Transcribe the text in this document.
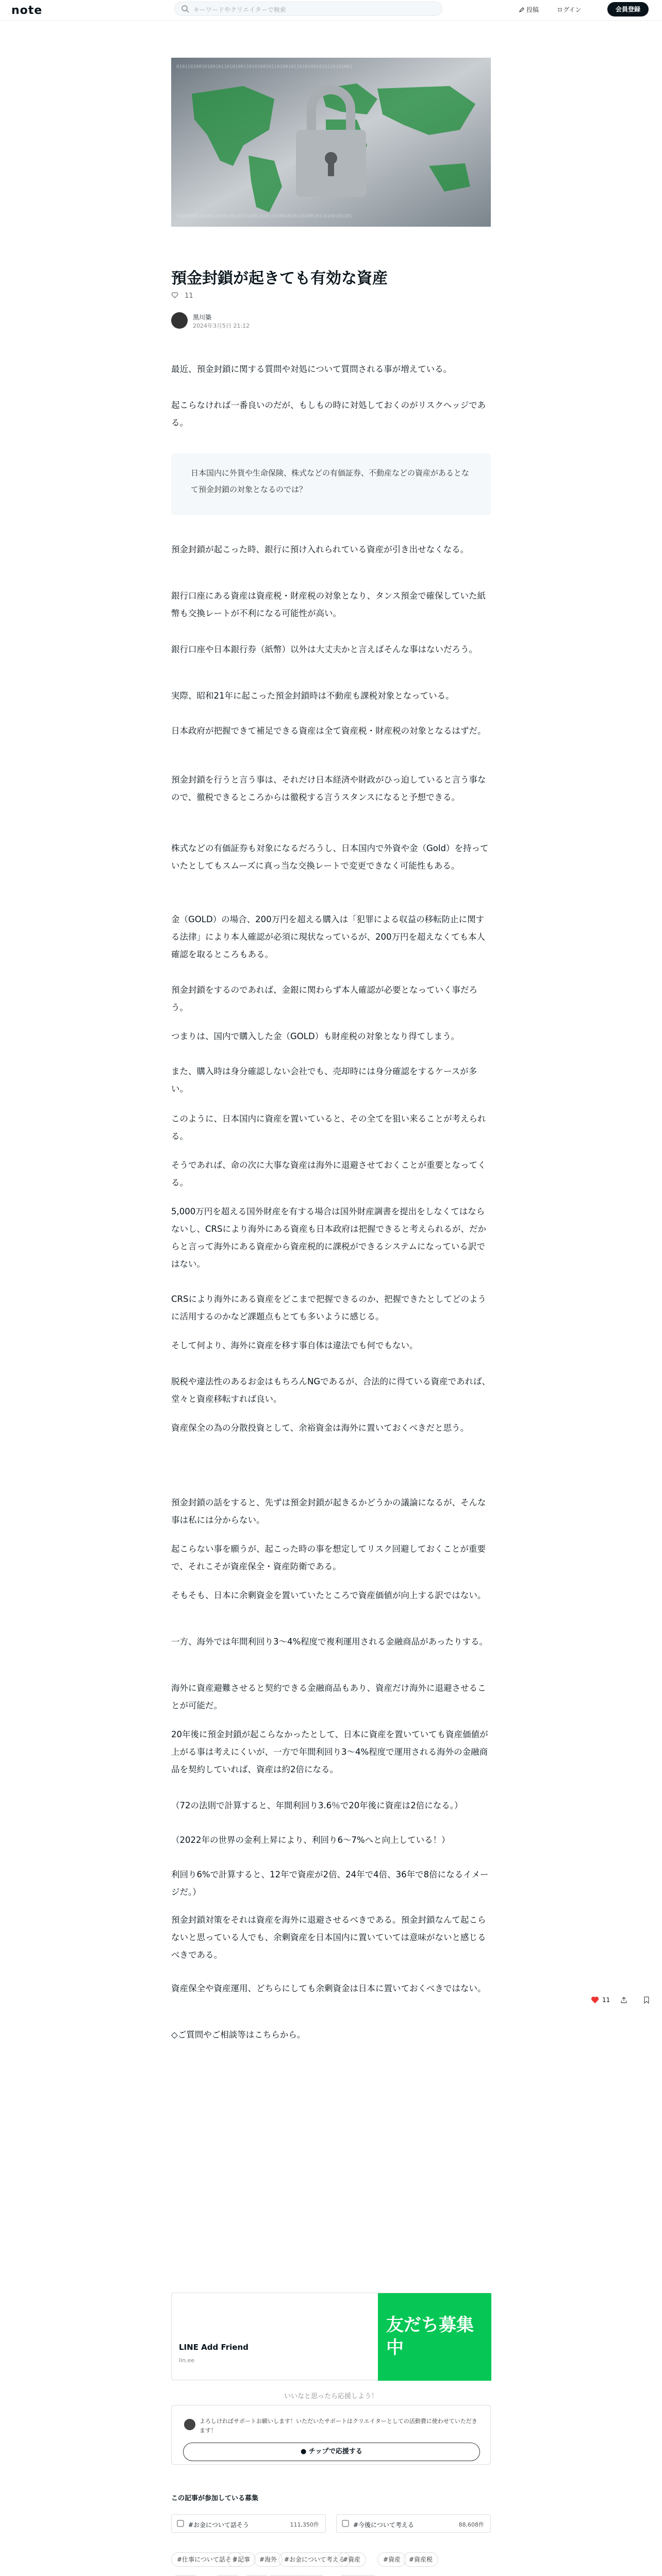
note	キーワードやクリエイターで検索	投稿	ログイン	会員登録
010110100101001011010100110101001011010010110101001010110101001
101001011010011010100101101001010110100101011010010110100101101
預金封鎖が起きても有効な資産
11
黒川築
2024年3月5日 21:12
最近、預金封鎖に関する質問や対処について質問される事が増えている。
起こらなければ一番良いのだが、もしもの時に対処しておくのがリスクヘッジである。
預金封鎖が起こった時、銀行に預け入れられている資産が引き出せなくなる。
銀行口座にある資産は資産税・財産税の対象となり、タンス預金で確保していた紙幣も交換レートが不利になる可能性が高い。
銀行口座や日本銀行券（紙幣）以外は大丈夫かと言えばそんな事はないだろう。
実際、昭和21年に起こった預金封鎖時は不動産も課税対象となっている。
日本政府が把握できて補足できる資産は全て資産税・財産税の対象となるはずだ。
預金封鎖を行うと言う事は、それだけ日本経済や財政がひっ迫していると言う事なので、徹税できるところからは徹税する言うスタンスになると予想できる。
株式などの有価証券も対象になるだろうし、日本国内で外資や金（Gold）を持っていたとしてもスムーズに真っ当な交換レートで変更できなく可能性もある。
金（GOLD）の場合、200万円を超える購入は「犯罪による収益の移転防止に関する法律」により本人確認が必須に現状なっているが、200万円を超えなくても本人確認を取るところもある。
預金封鎖をするのであれば、金銀に関わらず本人確認が必要となっていく事だろう。
つまりは、国内で購入した金（GOLD）も財産税の対象となり得てしまう。
また、購入時は身分確認しない会社でも、売却時には身分確認をするケースが多い。
このように、日本国内に資産を置いていると、その全てを狙い来ることが考えられる。
そうであれば、命の次に大事な資産は海外に退避させておくことが重要となってくる。
5,000万円を超える国外財産を有する場合は国外財産調書を提出をしなくてはならないし、CRSにより海外にある資産も日本政府は把握できると考えられるが、だからと言って海外にある資産から資産税的に課税ができるシステムになっている訳ではない。
CRSにより海外にある資産をどこまで把握できるのか、把握できたとしてどのように活用するのかなど課題点もとても多いように感じる。
そして何より、海外に資産を移す事自体は違法でも何でもない。
脱税や違法性のあるお金はもちろんNGであるが、合法的に得ている資産であれば、堂々と資産移転すれば良い。
資産保全の為の分散投資として、余裕資金は海外に置いておくべきだと思う。
預金封鎖の話をすると、先ずは預金封鎖が起きるかどうかの議論になるが、そんな事は私には分からない。
起こらない事を願うが、起こった時の事を想定してリスク回避しておくことが重要で、それこそが資産保全・資産防衛である。
そもそも、日本に余剰資金を置いていたところで資産価値が向上する訳ではない。
一方、海外では年間利回り3～4%程度で複利運用される金融商品があったりする。
海外に資産避難させると契約できる金融商品もあり、資産だけ海外に退避させることが可能だ。
20年後に預金封鎖が起こらなかったとして、日本に資産を置いていても資産価値が上がる事は考えにくいが、一方で年間利回り3～4%程度で運用される海外の金融商品を契約していれば、資産は約2倍になる。
（72の法則で計算すると、年間利回り3.6％で20年後に資産は2倍になる。）
（2022年の世界の金利上昇により、利回り6～7%へと向上している！）
利回り6%で計算すると、12年で資産が2倍、24年で4倍、36年で8倍になるイメージだ。）
預金封鎖対策をそれは資産を海外に退避させるべきである。預金封鎖なんて起こらないと思っている人でも、余剰資産を日本国内に置いていては意味がないと感じるべきである。
資産保全や資産運用、どちらにしても余剰資金は日本に置いておくべきではない。
◇ご質問やご相談等はこちらから。
日本国内に外貨や生命保険、株式などの有価証券、不動産などの資産があるとなて預金封鎖の対象となるのでは？
LINE Add Friend
lin.ee
友だち募集中
いいなと思ったら応援しよう！
よろしければサポートお願いします！いただいたサポートはクリエイターとしての活動費に使わせていただきます！
● チップで応援する
この記事が参加している募集
#お金について話そう	111,350件	#今後について考える	88,608件
#仕事について話そう
#記事	#海外	#お金について考える
#資産	#資産	#資産税
11
